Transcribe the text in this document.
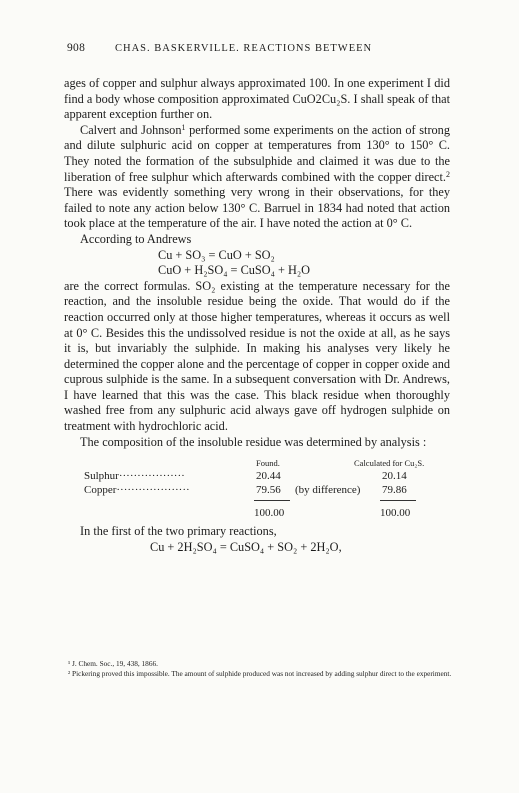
908	CHAS. BASKERVILLE. REACTIONS BETWEEN

ages of copper and sulphur always approximated 100. In one experiment I did find a body whose composition approximated CuO2Cu₂S. I shall speak of that apparent exception further on.

Calvert and Johnson$^1$ performed some experiments on the action of strong and dilute sulphuric acid on copper at temperatures from 130° to 150° C. They noted the formation of the subsulphide and claimed it was due to the liberation of free sulphur which afterwards combined with the copper direct.$^2$ There was evidently something very wrong in their observations, for they failed to note any action below 130° C. Barruel in 1834 had noted that action took place at the temperature of the air. I have noted the action at 0° C.

According to Andrews

Cu + SO₃ = CuO + SO₂

CuO + H₂SO₄ = CuSO₄ + H₂O

are the correct formulas. SO₂ existing at the temperature necessary for the reaction, and the insoluble residue being the oxide. That would do if the reaction occurred only at those higher temperatures, whereas it occurs as well at 0° C. Besides this the undissolved residue is not the oxide at all, as he says it is, but invariably the sulphide. In making his analyses very likely he determined the copper alone and the percentage of copper in copper oxide and cuprous sulphide is the same. In a subsequent conversation with Dr. Andrews, I have learned that this was the case. This black residue when thoroughly washed free from any sulphuric acid always gave off hydrogen sulphide on treatment with hydrochloric acid.

The composition of the insoluble residue was determined by analysis :

Found.	Calculated for Cu₂S.
Sulphur··················	20.44	20.14
Copper····················	79.56 (by difference) 79.86
100.00	100.00

In the first of the two primary reactions,

Cu + 2H₂SO₄ = CuSO₄ + SO₂ + 2H₂O,

¹ J. Chem. Soc., 19, 438, 1866.

² Pickering proved this impossible. The amount of sulphide produced was not increased by adding sulphur direct to the experiment.
